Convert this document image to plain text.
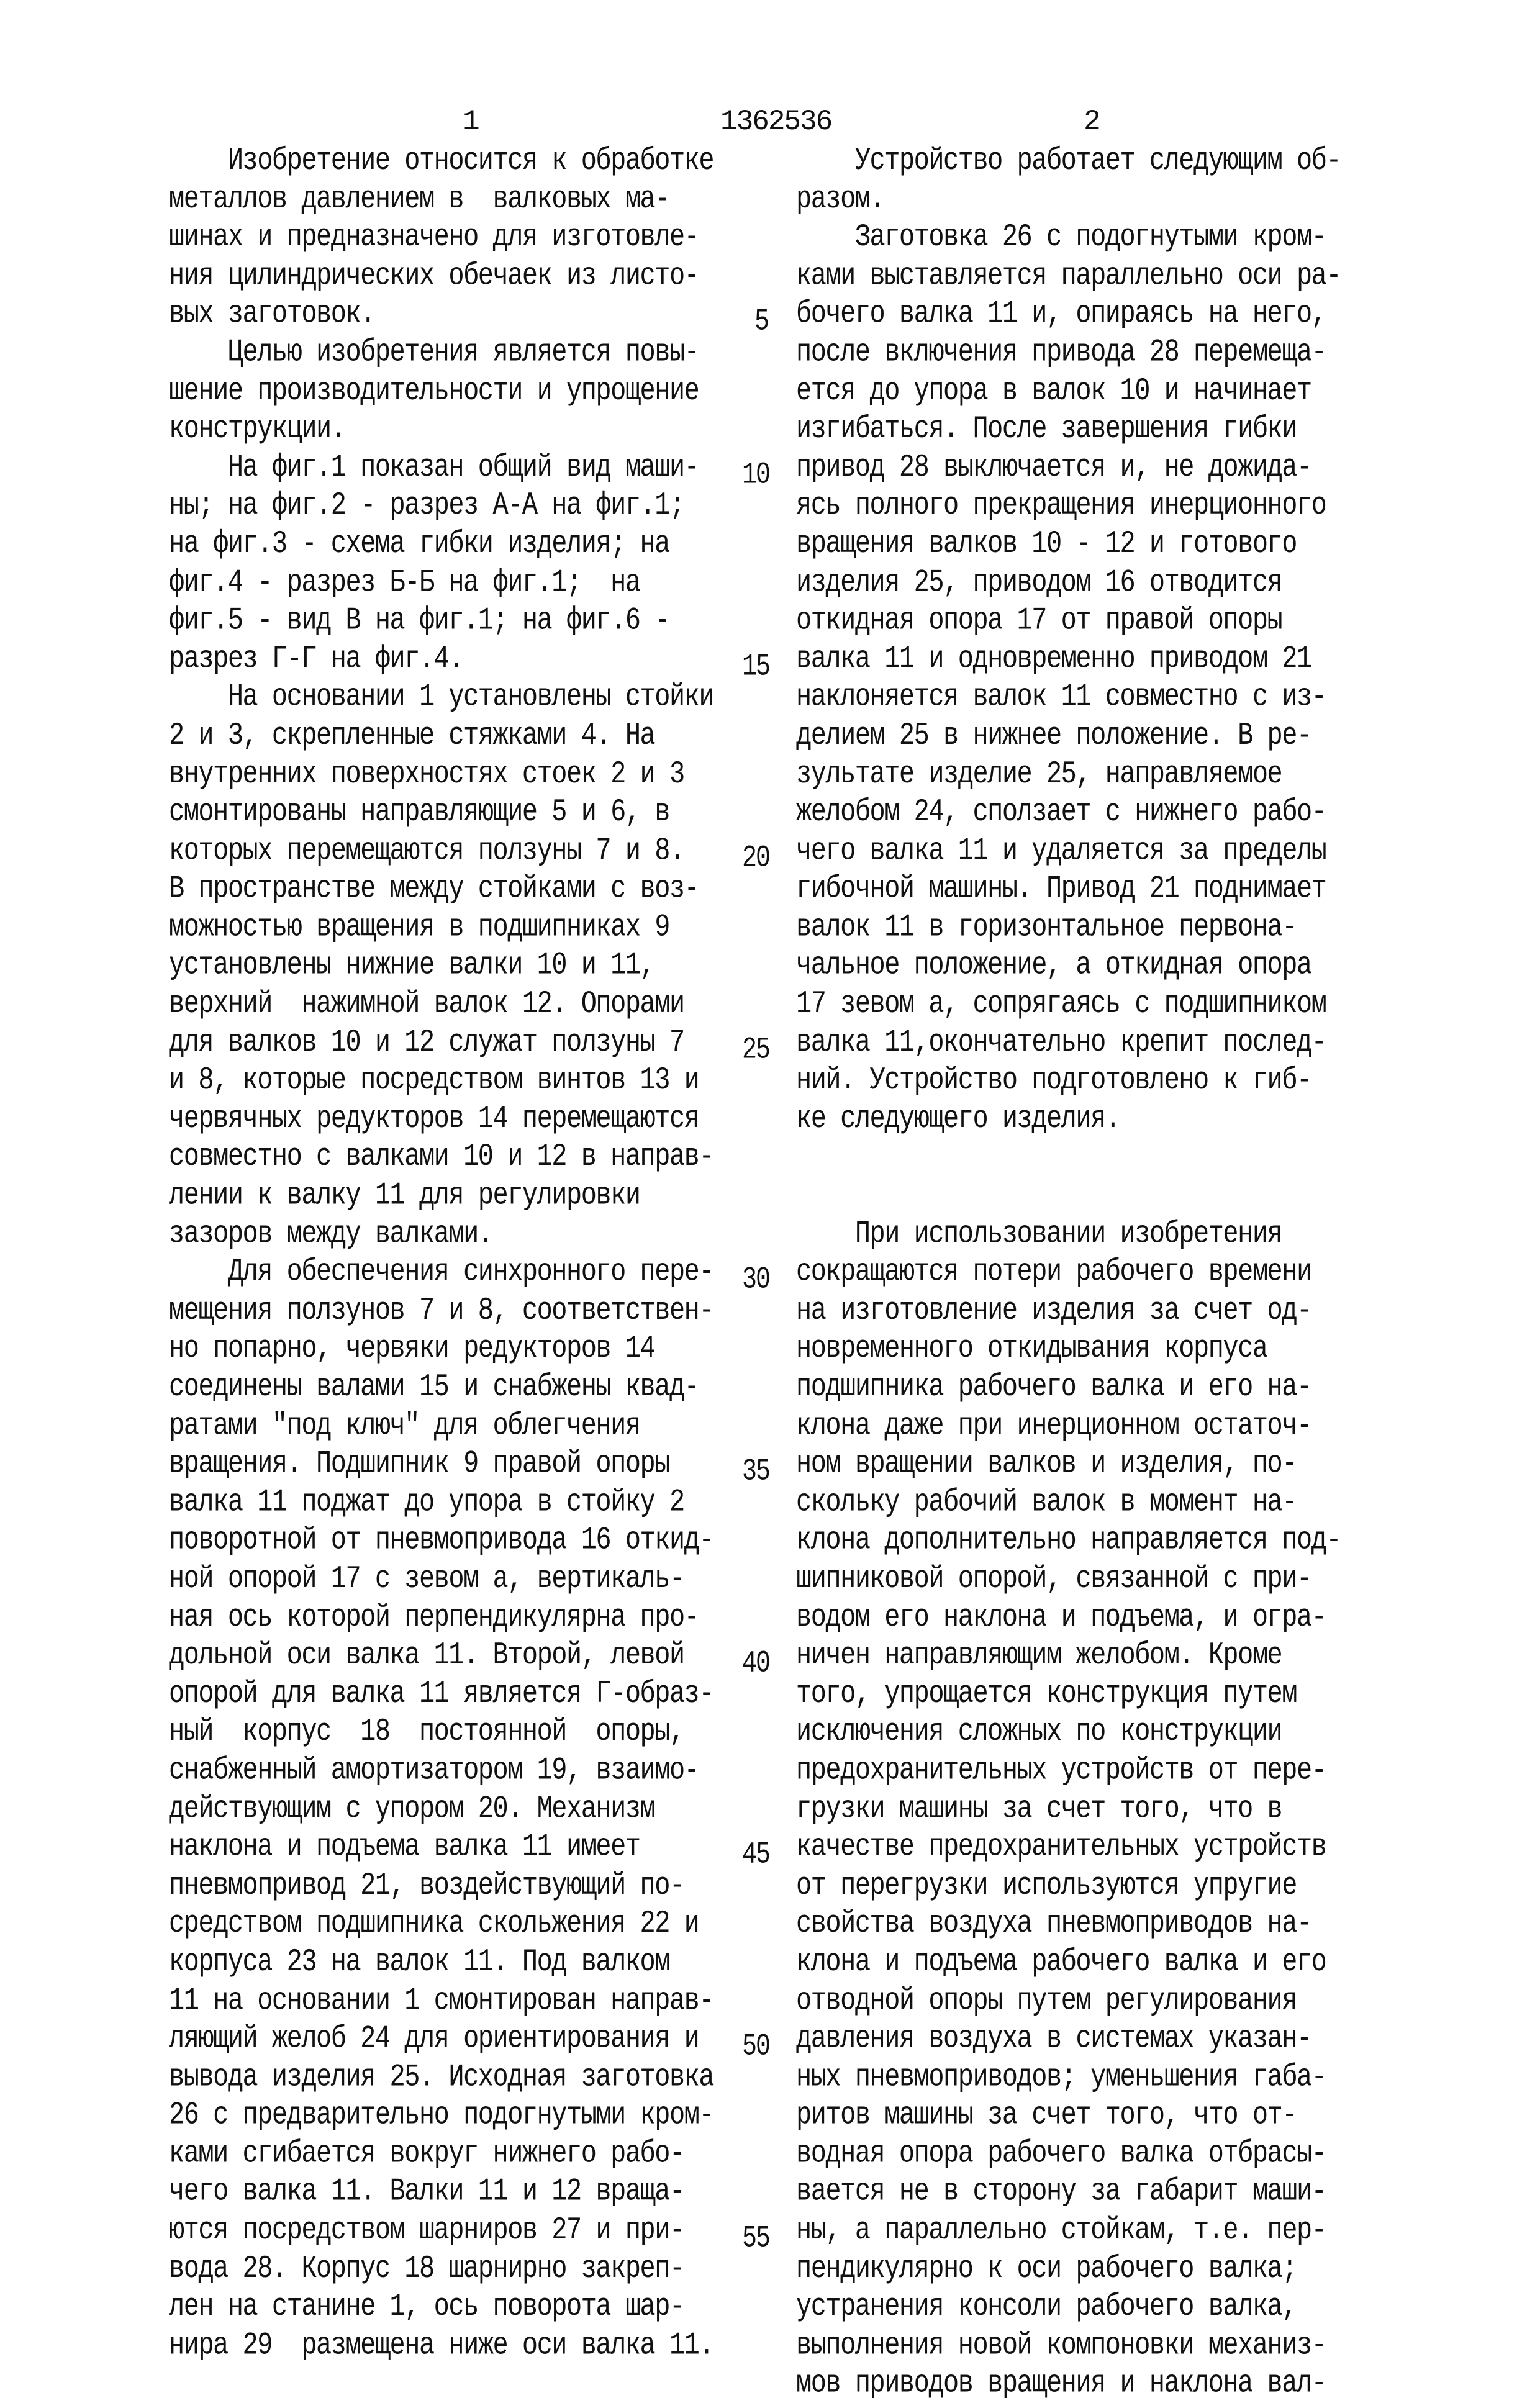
1	1362536	2
Изобретение относится к обработке
металлов давлением в  валковых ма-
шинах и предназначено для изготовле-
ния цилиндрических обечаек из листо-
вых заготовок.
Целью изобретения является повы-
шение производительности и упрощение
конструкции.
На фиг.1 показан общий вид маши-
ны; на фиг.2 - разрез А-А на фиг.1;
на фиг.3 - схема гибки изделия; на
фиг.4 - разрез Б-Б на фиг.1;  на
фиг.5 - вид В на фиг.1; на фиг.6 -
разрез Г-Г на фиг.4.
На основании 1 установлены стойки
2 и 3, скрепленные стяжками 4. На
внутренних поверхностях стоек 2 и 3
смонтированы направляющие 5 и 6, в
которых перемещаются ползуны 7 и 8.
В пространстве между стойками с воз-
можностью вращения в подшипниках 9
установлены нижние валки 10 и 11,
верхний  нажимной валок 12. Опорами
для валков 10 и 12 служат ползуны 7
и 8, которые посредством винтов 13 и
червячных редукторов 14 перемещаются
совместно с валками 10 и 12 в направ-
лении к валку 11 для регулировки
зазоров между валками.
Для обеспечения синхронного пере-
мещения ползунов 7 и 8, соответствен-
но попарно, червяки редукторов 14
соединены валами 15 и снабжены квад-
ратами "под ключ" для облегчения
вращения. Подшипник 9 правой опоры
валка 11 поджат до упора в стойку 2
поворотной от пневмопривода 16 откид-
ной опорой 17 с зевом а, вертикаль-
ная ось которой перпендикулярна про-
дольной оси валка 11. Второй, левой
опорой для валка 11 является Г-образ-
ный  корпус  18  постоянной  опоры,
снабженный амортизатором 19, взаимо-
действующим с упором 20. Механизм
наклона и подъема валка 11 имеет
пневмопривод 21, воздействующий по-
средством подшипника скольжения 22 и
корпуса 23 на валок 11. Под валком
11 на основании 1 смонтирован направ-
ляющий желоб 24 для ориентирования и
вывода изделия 25. Исходная заготовка
26 с предварительно подогнутыми кром-
ками сгибается вокруг нижнего рабо-
чего валка 11. Валки 11 и 12 враща-
ются посредством шарниров 27 и при-
вода 28. Корпус 18 шарнирно закреп-
лен на станине 1, ось поворота шар-
нира 29  размещена ниже оси валка 11.
Устройство работает следующим об-
разом.
Заготовка 26 с подогнутыми кром-
ками выставляется параллельно оси ра-
бочего валка 11 и, опираясь на него,
после включения привода 28 перемеща-
ется до упора в валок 10 и начинает
изгибаться. После завершения гибки
привод 28 выключается и, не дожида-
ясь полного прекращения инерционного
вращения валков 10 - 12 и готового
изделия 25, приводом 16 отводится
откидная опора 17 от правой опоры
валка 11 и одновременно приводом 21
наклоняется валок 11 совместно с из-
делием 25 в нижнее положение. В ре-
зультате изделие 25, направляемое
желобом 24, сползает с нижнего рабо-
чего валка 11 и удаляется за пределы
гибочной машины. Привод 21 поднимает
валок 11 в горизонтальное первона-
чальное положение, а откидная опора
17 зевом а, сопрягаясь с подшипником
валка 11,окончательно крепит послед-
ний. Устройство подготовлено к гиб-
ке следующего изделия.
При использовании изобретения
сокращаются потери рабочего времени
на изготовление изделия за счет од-
новременного откидывания корпуса
подшипника рабочего валка и его на-
клона даже при инерционном остаточ-
ном вращении валков и изделия, по-
скольку рабочий валок в момент на-
клона дополнительно направляется под-
шипниковой опорой, связанной с при-
водом его наклона и подъема, и огра-
ничен направляющим желобом. Кроме
того, упрощается конструкция путем
исключения сложных по конструкции
предохранительных устройств от пере-
грузки машины за счет того, что в
качестве предохранительных устройств
от перегрузки используются упругие
свойства воздуха пневмоприводов на-
клона и подъема рабочего валка и его
отводной опоры путем регулирования
давления воздуха в системах указан-
ных пневмоприводов; уменьшения габа-
ритов машины за счет того, что от-
водная опора рабочего валка отбрасы-
вается не в сторону за габарит маши-
ны, а параллельно стойкам, т.е. пер-
пендикулярно к оси рабочего валка;
устранения консоли рабочего валка,
выполнения новой компоновки механиз-
мов приводов вращения и наклона вал-
5
10
15
20
25
30
35
40
45
50
55
